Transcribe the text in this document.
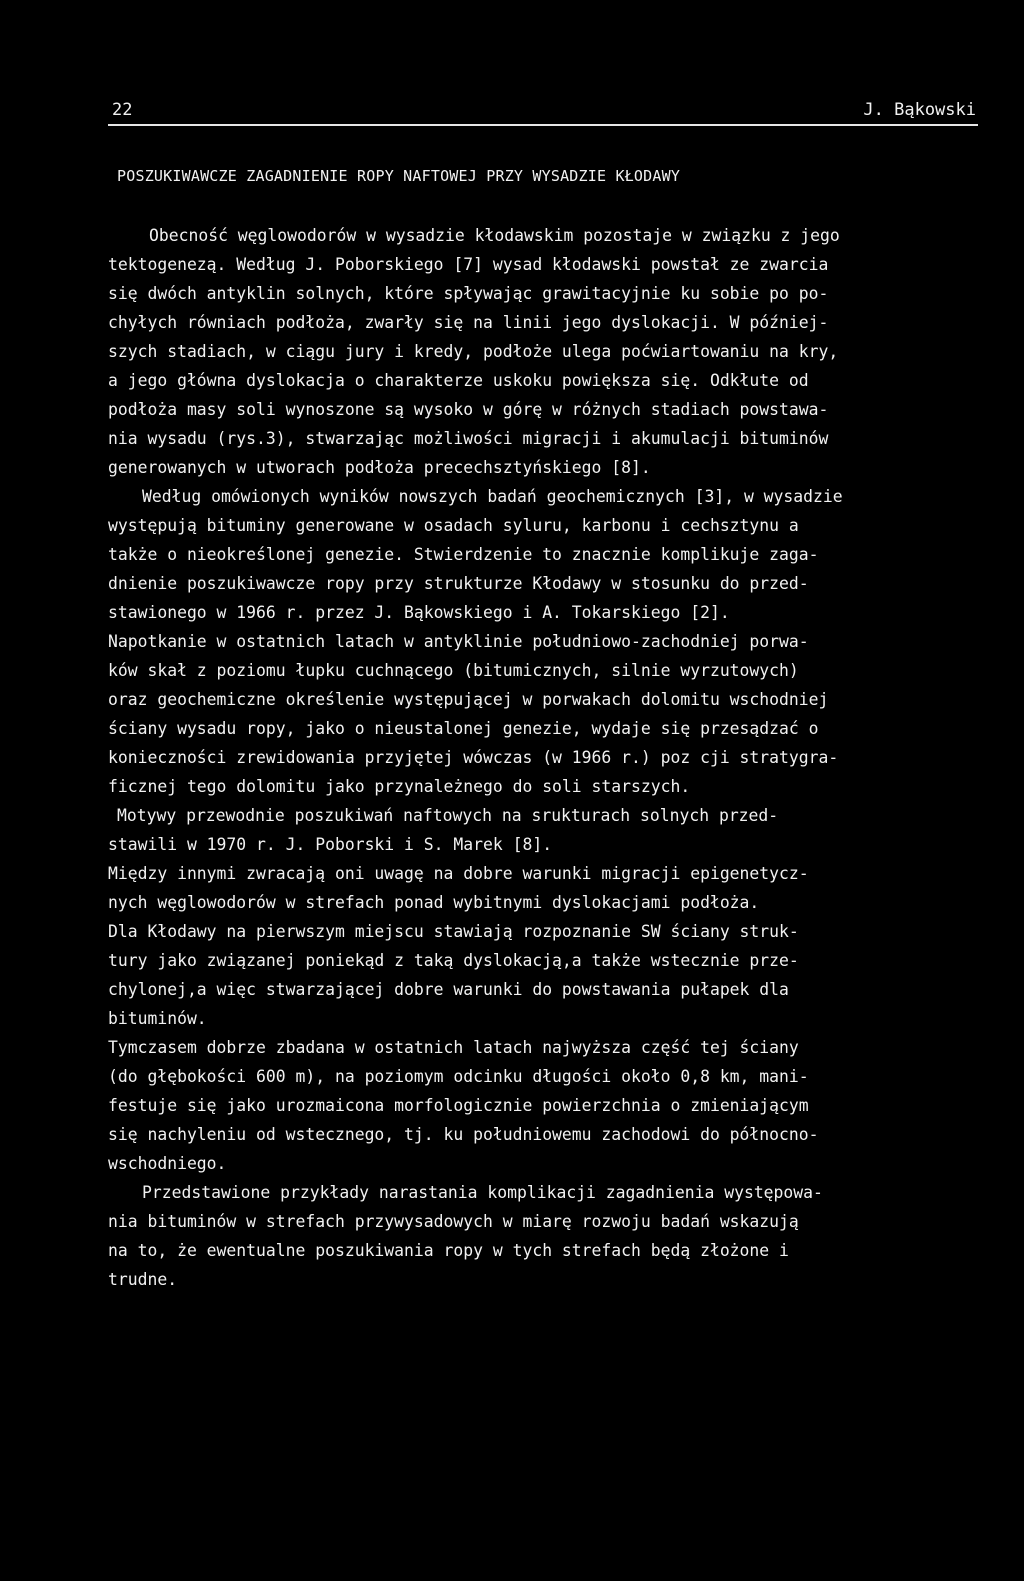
22	J. Bąkowski
POSZUKIWAWCZE ZAGADNIENIE ROPY NAFTOWEJ PRZY WYSADZIE KŁODAWY
Obecność węglowodorów w wysadzie kłodawskim pozostaje w związku z jego
tektogenezą. Według J. Poborskiego [7] wysad kłodawski powstał ze zwarcia
się dwóch antyklin solnych, które spływając grawitacyjnie ku sobie po po-
chyłych równiach podłoża, zwarły się na linii jego dyslokacji. W później-
szych stadiach, w ciągu jury i kredy, podłoże ulega poćwiartowaniu na kry,
a jego główna dyslokacja o charakterze uskoku powiększa się. Odkłute od
podłoża masy soli wynoszone są wysoko w górę w różnych stadiach powstawa-
nia wysadu (rys.3), stwarzając możliwości migracji i akumulacji bituminów
generowanych w utworach podłoża precechsztyńskiego [8].
Według omówionych wyników nowszych badań geochemicznych [3], w wysadzie
występują bituminy generowane w osadach syluru, karbonu i cechsztynu a
także o nieokreślonej genezie. Stwierdzenie to znacznie komplikuje zaga-
dnienie poszukiwawcze ropy przy strukturze Kłodawy w stosunku do przed-
stawionego w 1966 r. przez J. Bąkowskiego i A. Tokarskiego [2].
Napotkanie w ostatnich latach w antyklinie południowo-zachodniej porwa-
ków skał z poziomu łupku cuchnącego (bitumicznych, silnie wyrzutowych)
oraz geochemiczne określenie występującej w porwakach dolomitu wschodniej
ściany wysadu ropy, jako o nieustalonej genezie, wydaje się przesądzać o
konieczności zrewidowania przyjętej wówczas (w 1966 r.) poz cji stratygra-
ficznej tego dolomitu jako przynależnego do soli starszych.
Motywy przewodnie poszukiwań naftowych na srukturach solnych przed-
stawili w 1970 r. J. Poborski i S. Marek [8].
Między innymi zwracają oni uwagę na dobre warunki migracji epigenetycz-
nych węglowodorów w strefach ponad wybitnymi dyslokacjami podłoża.
Dla Kłodawy na pierwszym miejscu stawiają rozpoznanie SW ściany struk-
tury jako związanej poniekąd z taką dyslokacją,a także wstecznie prze-
chylonej,a więc stwarzającej dobre warunki do powstawania pułapek dla
bituminów.
Tymczasem dobrze zbadana w ostatnich latach najwyższa część tej ściany
(do głębokości 600 m), na poziomym odcinku długości około 0,8 km, mani-
festuje się jako urozmaicona morfologicznie powierzchnia o zmieniającym
się nachyleniu od wstecznego, tj. ku południowemu zachodowi do północno-
wschodniego.
Przedstawione przykłady narastania komplikacji zagadnienia występowa-
nia bituminów w strefach przywysadowych w miarę rozwoju badań wskazują
na to, że ewentualne poszukiwania ropy w tych strefach będą złożone i
trudne.
